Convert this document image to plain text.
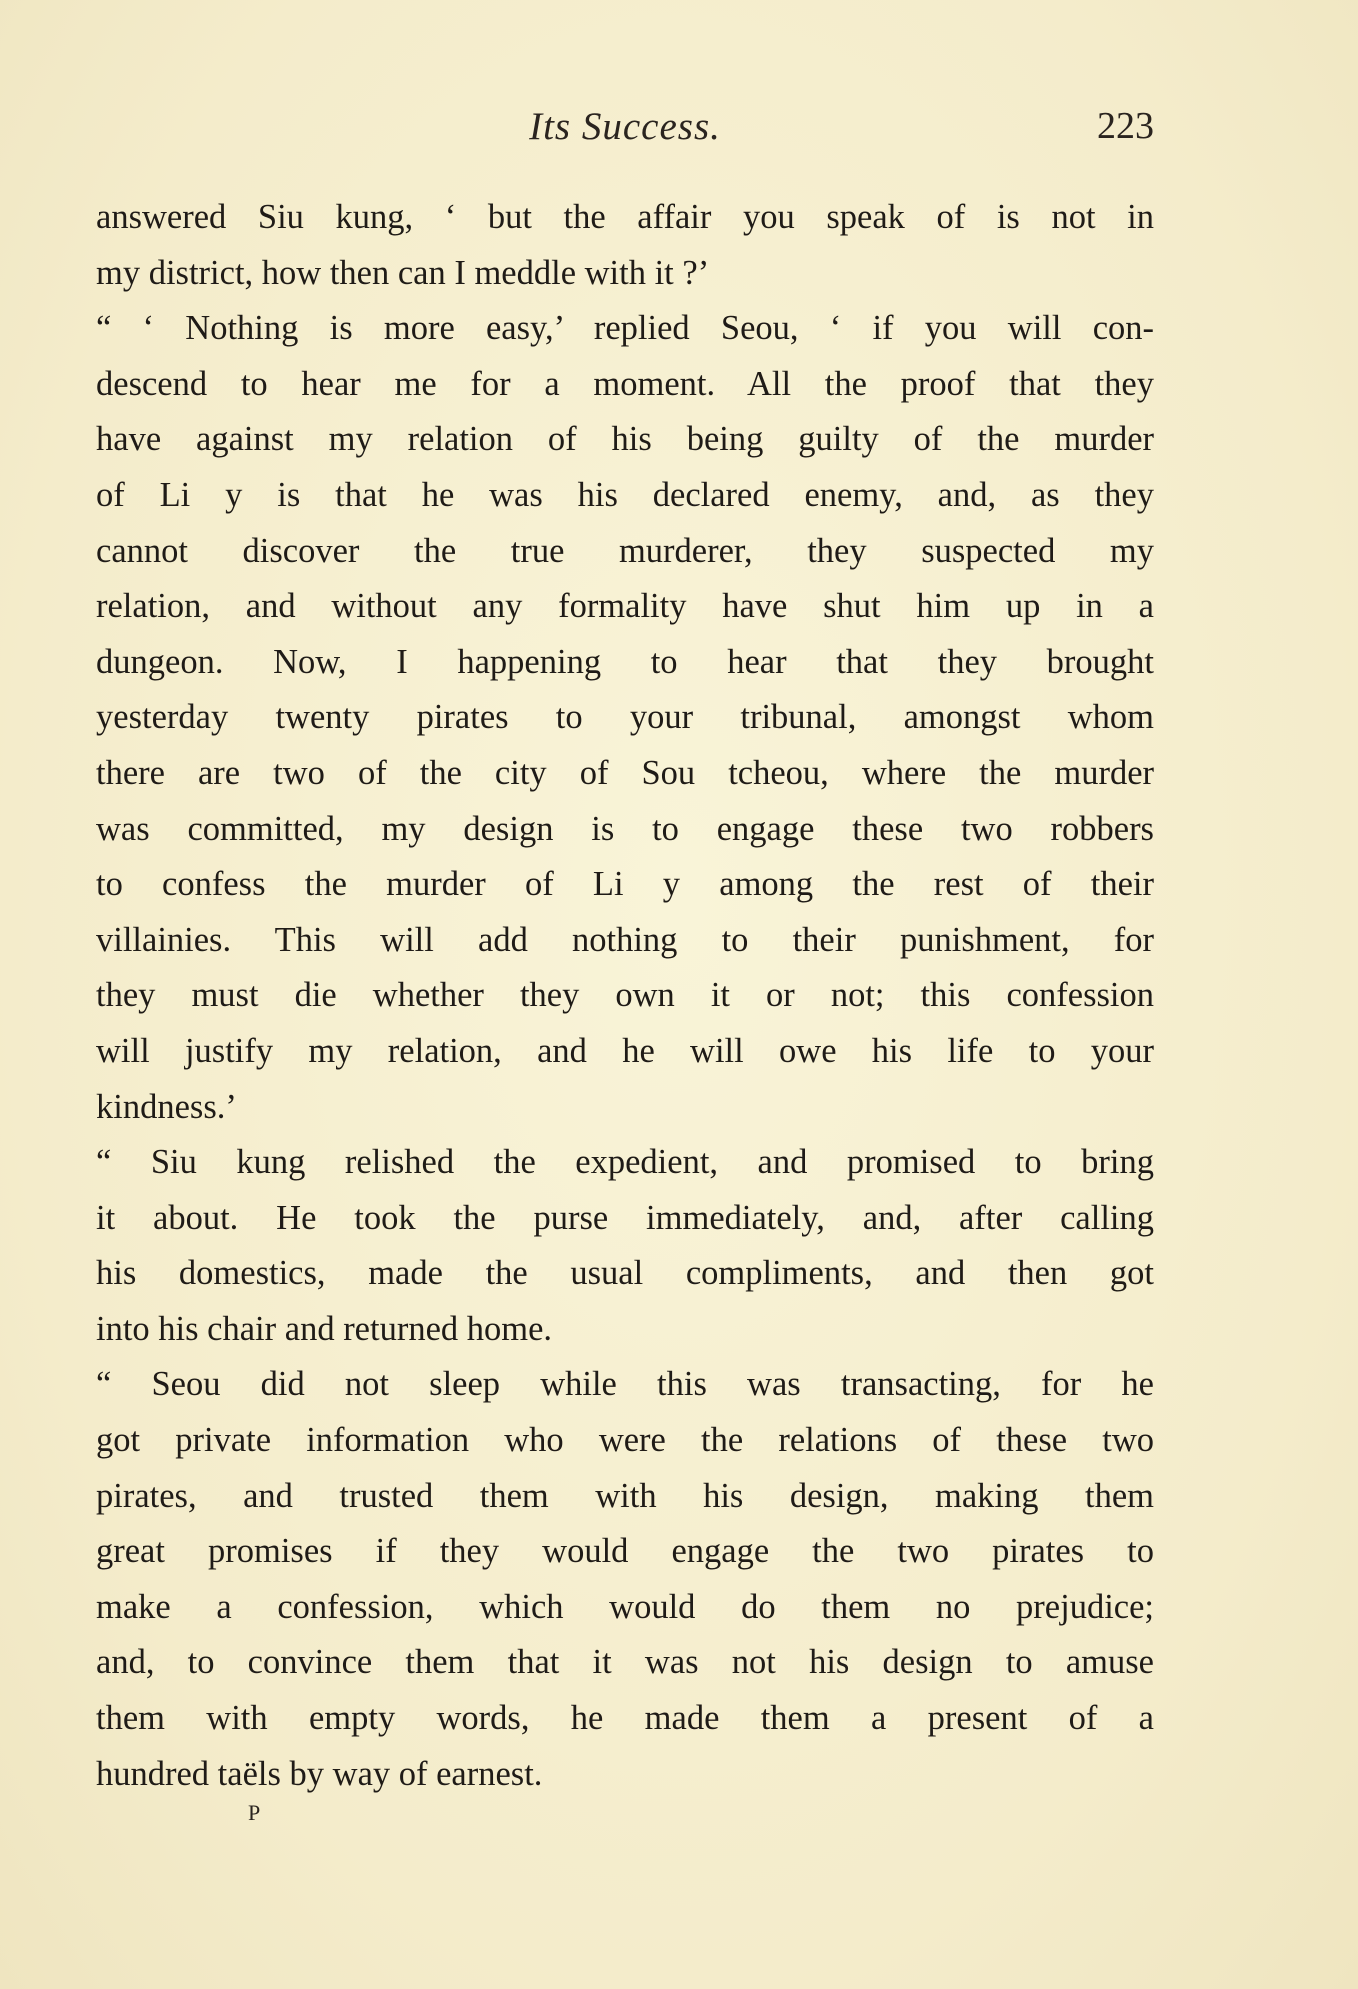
Its Success.	223
answered Siu kung, ‘ but the affair you speak of is not in
my district, how then can I meddle with it ?’
“ ‘ Nothing is more easy,’ replied Seou, ‘ if you will con-
descend to hear me for a moment. All the proof that they
have against my relation of his being guilty of the murder
of Li y is that he was his declared enemy, and, as they
cannot discover the true murderer, they suspected my
relation, and without any formality have shut him up in a
dungeon. Now, I happening to hear that they brought
yesterday twenty pirates to your tribunal, amongst whom
there are two of the city of Sou tcheou, where the murder
was committed, my design is to engage these two robbers
to confess the murder of Li y among the rest of their
villainies. This will add nothing to their punishment, for
they must die whether they own it or not; this confession
will justify my relation, and he will owe his life to your
kindness.’
“ Siu kung relished the expedient, and promised to bring
it about. He took the purse immediately, and, after calling
his domestics, made the usual compliments, and then got
into his chair and returned home.
“ Seou did not sleep while this was transacting, for he
got private information who were the relations of these two
pirates, and trusted them with his design, making them
great promises if they would engage the two pirates to
make a confession, which would do them no prejudice;
and, to convince them that it was not his design to amuse
them with empty words, he made them a present of a
hundred taëls by way of earnest.
P
